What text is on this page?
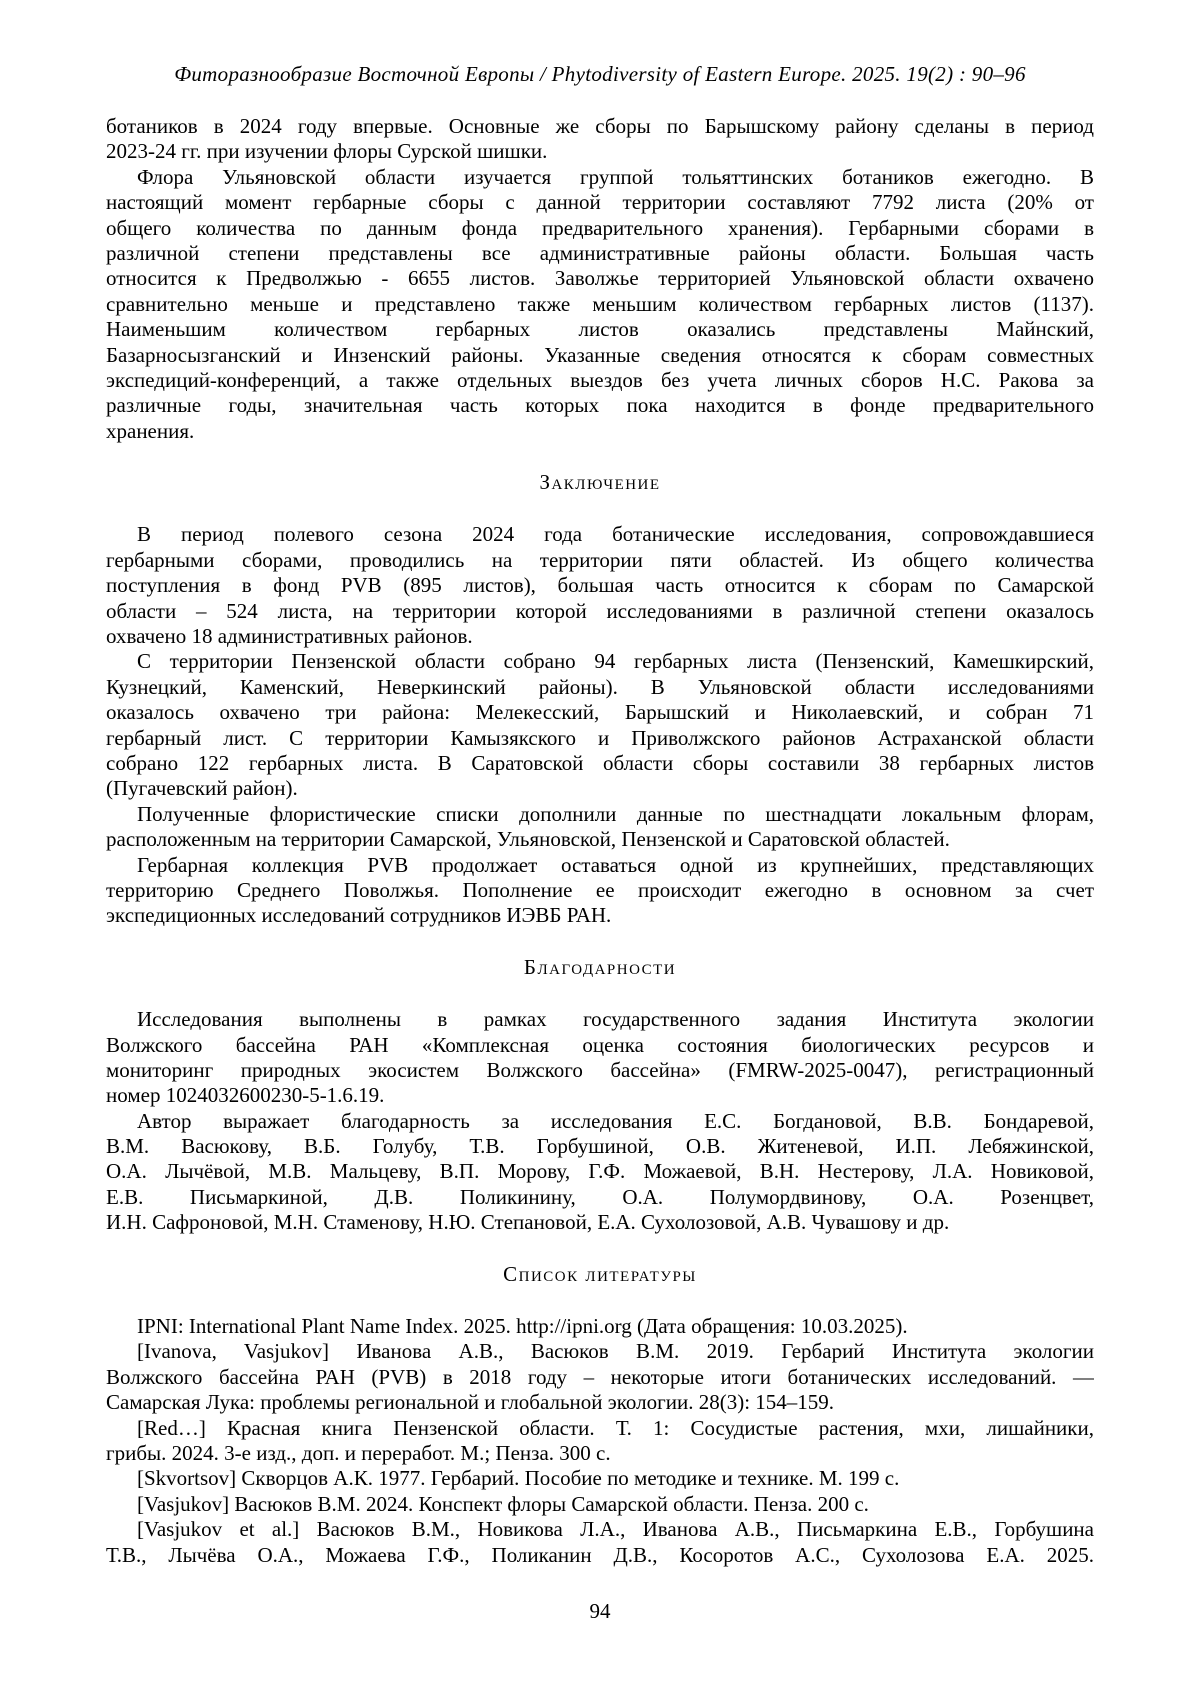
Фиторазнообразие Восточной Европы / Phytodiversity of Eastern Europe. 2025. 19(2) : 90–96
ботаников в 2024 году впервые. Основные же сборы по Барышскому району сделаны в период
2023-24 гг. при изучении флоры Сурской шишки.
Флора Ульяновской области изучается группой тольяттинских ботаников ежегодно. В
настоящий момент гербарные сборы с данной территории составляют 7792 листа (20% от
общего количества по данным фонда предварительного хранения). Гербарными сборами в
различной степени представлены все административные районы области. Большая часть
относится к Предволжью - 6655 листов. Заволжье территорией Ульяновской области охвачено
сравнительно меньше и представлено также меньшим количеством гербарных листов (1137).
Наименьшим количеством гербарных листов оказались представлены Майнский,
Базарносызганский и Инзенский районы. Указанные сведения относятся к сборам совместных
экспедиций-конференций, а также отдельных выездов без учета личных сборов Н.С. Ракова за
различные годы, значительная часть которых пока находится в фонде предварительного
хранения.
Заключение
В период полевого сезона 2024 года ботанические исследования, сопровождавшиеся
гербарными сборами, проводились на территории пяти областей. Из общего количества
поступления в фонд PVB (895 листов), большая часть относится к сборам по Самарской
области – 524 листа, на территории которой исследованиями в различной степени оказалось
охвачено 18 административных районов.
С территории Пензенской области собрано 94 гербарных листа (Пензенский, Камешкирский,
Кузнецкий, Каменский, Неверкинский районы). В Ульяновской области исследованиями
оказалось охвачено три района: Мелекесский, Барышский и Николаевский, и собран 71
гербарный лист. С территории Камызякского и Приволжского районов Астраханской области
собрано 122 гербарных листа. В Саратовской области сборы составили 38 гербарных листов
(Пугачевский район).
Полученные флористические списки дополнили данные по шестнадцати локальным флорам,
расположенным на территории Самарской, Ульяновской, Пензенской и Саратовской областей.
Гербарная коллекция PVB продолжает оставаться одной из крупнейших, представляющих
территорию Среднего Поволжья. Пополнение ее происходит ежегодно в основном за счет
экспедиционных исследований сотрудников ИЭВБ РАН.
Благодарности
Исследования выполнены в рамках государственного задания Института экологии
Волжского бассейна РАН «Комплексная оценка состояния биологических ресурсов и
мониторинг природных экосистем Волжского бассейна» (FMRW-2025-0047), регистрационный
номер 1024032600230-5-1.6.19.
Автор выражает благодарность за исследования Е.С. Богдановой, В.В. Бондаревой,
В.М. Васюкову, В.Б. Голубу, Т.В. Горбушиной, О.В. Житеневой, И.П. Лебяжинской,
О.А. Лычёвой, М.В. Мальцеву, В.П. Морову, Г.Ф. Можаевой, В.Н. Нестерову, Л.А. Новиковой,
Е.В. Письмаркиной, Д.В. Поликинину, О.А. Полумордвинову, О.А. Розенцвет,
И.Н. Сафроновой, М.Н. Стаменову, Н.Ю. Степановой, Е.А. Сухолозовой, А.В. Чувашову и др.
Список литературы
IPNI: International Plant Name Index. 2025. http://ipni.org (Дата обращения: 10.03.2025).
[Ivanova, Vasjukov] Иванова А.В., Васюков В.М. 2019. Гербарий Института экологии
Волжского бассейна РАН (PVB) в 2018 году – некоторые итоги ботанических исследований. —
Самарская Лука: проблемы региональной и глобальной экологии. 28(3): 154–159.
[Red…] Красная книга Пензенской области. Т. 1: Сосудистые растения, мхи, лишайники,
грибы. 2024. 3-е изд., доп. и переработ. М.; Пенза. 300 с.
[Skvortsov] Скворцов А.К. 1977. Гербарий. Пособие по методике и технике. М. 199 с.
[Vasjukov] Васюков В.М. 2024. Конспект флоры Самарской области. Пенза. 200 с.
[Vasjukov et al.] Васюков В.М., Новикова Л.А., Иванова А.В., Письмаркина Е.В., Горбушина
Т.В., Лычёва О.А., Можаева Г.Ф., Поликанин Д.В., Косоротов А.С., Сухолозова Е.А. 2025.
94
